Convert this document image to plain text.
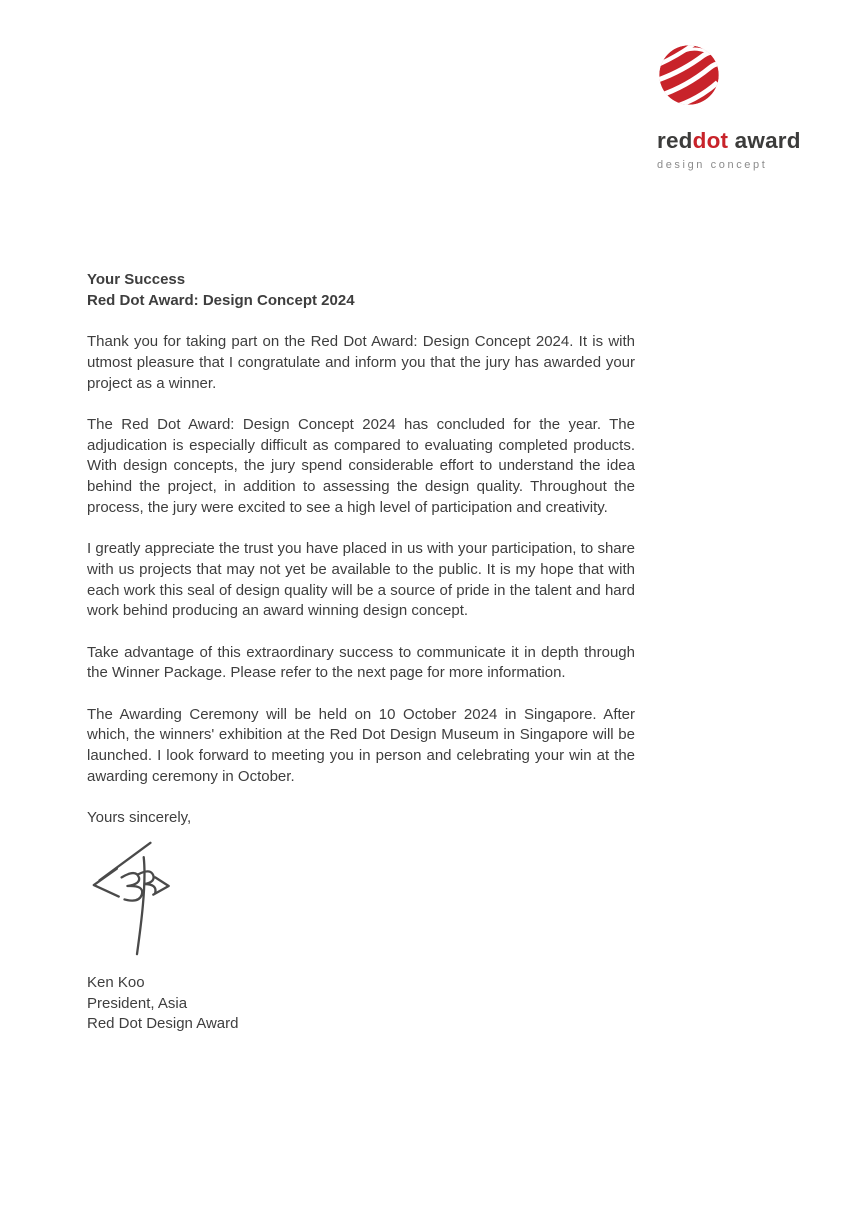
reddot award
design concept
Your Success
Red Dot Award: Design Concept 2024

Thank you for taking part on the Red Dot Award: Design Concept 2024. It is with utmost pleasure that I congratulate and inform you that the jury has awarded your project as a winner.

The Red Dot Award: Design Concept 2024 has concluded for the year. The adjudication is especially difficult as compared to evaluating completed products. With design concepts, the jury spend considerable effort to understand the idea behind the project, in addition to assessing the design quality. Throughout the process, the jury were excited to see a high level of participation and creativity.

I greatly appreciate the trust you have placed in us with your participation, to share with us projects that may not yet be available to the public. It is my hope that with each work this seal of design quality will be a source of pride in the talent and hard work behind producing an award winning design concept.

Take advantage of this extraordinary success to communicate it in depth through the Winner Package. Please refer to the next page for more information.

The Awarding Ceremony will be held on 10 October 2024 in Singapore. After which, the winners' exhibition at the Red Dot Design Museum in Singapore will be launched. I look forward to meeting you in person and celebrating your win at the awarding ceremony in October.

Yours sincerely,

Ken Koo
President, Asia
Red Dot Design Award
